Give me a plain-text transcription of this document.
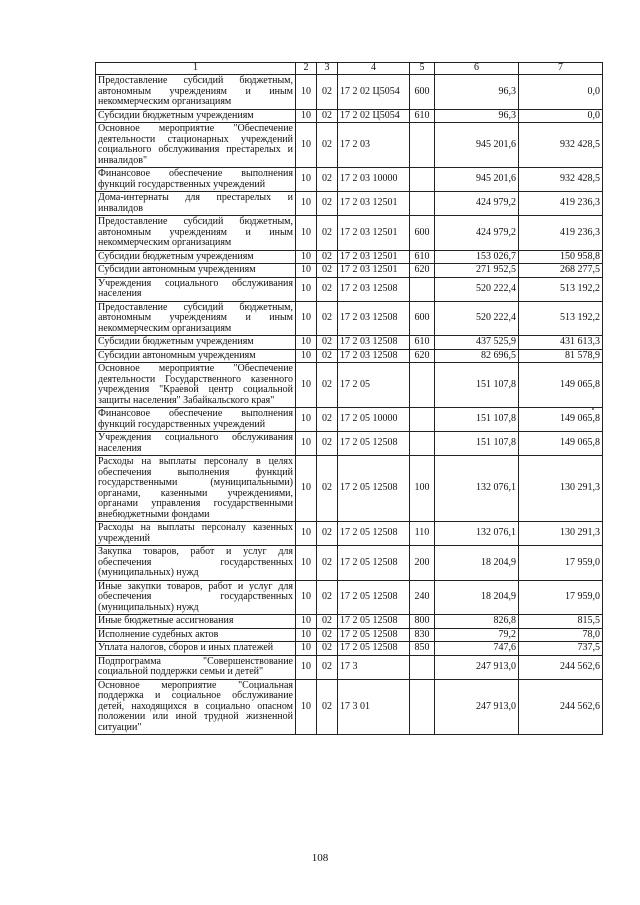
1	2	3	4	5	6	7
Предоставление субсидий бюджетным, автономным учреждениям и иным некоммерческим организациям	10	02	17 2 02 Ц5054	600	96,3	0,0
Субсидии бюджетным учреждениям	10	02	17 2 02 Ц5054	610	96,3	0,0
Основное мероприятие "Обеспечение деятельности стационарных учреждений социального обслуживания престарелых и инвалидов"	10	02	17 2 03		945 201,6	932 428,5
Финансовое обеспечение выполнения функций государственных учреждений	10	02	17 2 03 10000		945 201,6	932 428,5
Дома-интернаты для престарелых и инвалидов	10	02	17 2 03 12501		424 979,2	419 236,3
Предоставление субсидий бюджетным, автономным учреждениям и иным некоммерческим организациям	10	02	17 2 03 12501	600	424 979,2	419 236,3
Субсидии бюджетным учреждениям	10	02	17 2 03 12501	610	153 026,7	150 958,8
Субсидии автономным учреждениям	10	02	17 2 03 12501	620	271 952,5	268 277,5
Учреждения социального обслуживания населения	10	02	17 2 03 12508		520 222,4	513 192,2
Предоставление субсидий бюджетным, автономным учреждениям и иным некоммерческим организациям	10	02	17 2 03 12508	600	520 222,4	513 192,2
Субсидии бюджетным учреждениям	10	02	17 2 03 12508	610	437 525,9	431 613,3
Субсидии автономным учреждениям	10	02	17 2 03 12508	620	82 696,5	81 578,9
Основное мероприятие "Обеспечение деятельности Государственного казенного учреждения "Краевой центр социальной защиты населения" Забайкальского края"	10	02	17 2 05		151 107,8	149 065,8
Финансовое обеспечение выполнения функций государственных учреждений	10	02	17 2 05 10000		151 107,8	149 065,8
Учреждения социального обслуживания населения	10	02	17 2 05 12508		151 107,8	149 065,8
Расходы на выплаты персоналу в целях обеспечения выполнения функций государственными (муниципальными) органами, казенными учреждениями, органами управления государственными внебюджетными фондами	10	02	17 2 05 12508	100	132 076,1	130 291,3
Расходы на выплаты персоналу казенных учреждений	10	02	17 2 05 12508	110	132 076,1	130 291,3
Закупка товаров, работ и услуг для обеспечения государственных (муниципальных) нужд	10	02	17 2 05 12508	200	18 204,9	17 959,0
Иные закупки товаров, работ и услуг для обеспечения государственных (муниципальных) нужд	10	02	17 2 05 12508	240	18 204,9	17 959,0
Иные бюджетные ассигнования	10	02	17 2 05 12508	800	826,8	815,5
Исполнение судебных актов	10	02	17 2 05 12508	830	79,2	78,0
Уплата налогов, сборов и иных платежей	10	02	17 2 05 12508	850	747,6	737,5
Подпрограмма "Совершенствование социальной поддержки семьи и детей"	10	02	17 3		247 913,0	244 562,6
Основное мероприятие "Социальная поддержка и социальное обслуживание детей, находящихся в социально опасном положении или иной трудной жизненной ситуации"	10	02	17 3 01		247 913,0	244 562,6
108
